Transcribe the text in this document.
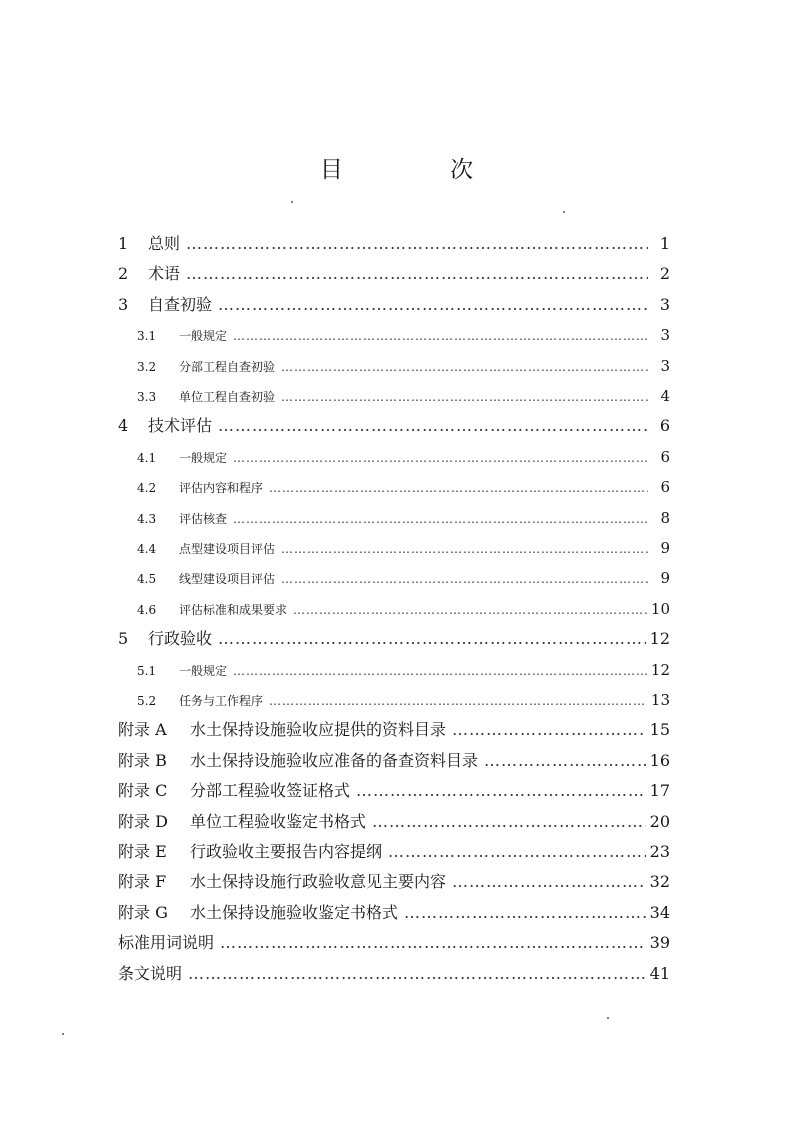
目 次
1	总则 ………………………………………………………………………………………………………………………………………………………………………	1
2	术语 ………………………………………………………………………………………………………………………………………………………………………	2
3	自查初验 ………………………………………………………………………………………………………………………………………………………………………	3
3.1	一般规定 ………………………………………………………………………………………………………………………………………………………………………	3
3.2	分部工程自查初验 ………………………………………………………………………………………………………………………………………………………………………	3
3.3	单位工程自查初验 ………………………………………………………………………………………………………………………………………………………………………	4
4	技术评估 ………………………………………………………………………………………………………………………………………………………………………	6
4.1	一般规定 ………………………………………………………………………………………………………………………………………………………………………	6
4.2	评估内容和程序 ………………………………………………………………………………………………………………………………………………………………………	6
4.3	评估核查 ………………………………………………………………………………………………………………………………………………………………………	8
4.4	点型建设项目评估 ………………………………………………………………………………………………………………………………………………………………………	9
4.5	线型建设项目评估 ………………………………………………………………………………………………………………………………………………………………………	9
4.6	评估标准和成果要求 ………………………………………………………………………………………………………………………………………………………………………	10
5	行政验收 ………………………………………………………………………………………………………………………………………………………………………	12
5.1	一般规定 ………………………………………………………………………………………………………………………………………………………………………	12
5.2	任务与工作程序 ………………………………………………………………………………………………………………………………………………………………………	13
附录 A	水土保持设施验收应提供的资料目录 ………………………………………………………………………………………………………………………………………………………………………	15
附录 B	水土保持设施验收应准备的备查资料目录 ………………………………………………………………………………………………………………………………………………………………………	16
附录 C	分部工程验收签证格式 ………………………………………………………………………………………………………………………………………………………………………	17
附录 D	单位工程验收鉴定书格式 ………………………………………………………………………………………………………………………………………………………………………	20
附录 E	行政验收主要报告内容提纲 ………………………………………………………………………………………………………………………………………………………………………	23
附录 F	水土保持设施行政验收意见主要内容 ………………………………………………………………………………………………………………………………………………………………………	32
附录 G	水土保持设施验收鉴定书格式 ………………………………………………………………………………………………………………………………………………………………………	34
标准用词说明 ………………………………………………………………………………………………………………………………………………………………………	39
条文说明 ………………………………………………………………………………………………………………………………………………………………………	41
